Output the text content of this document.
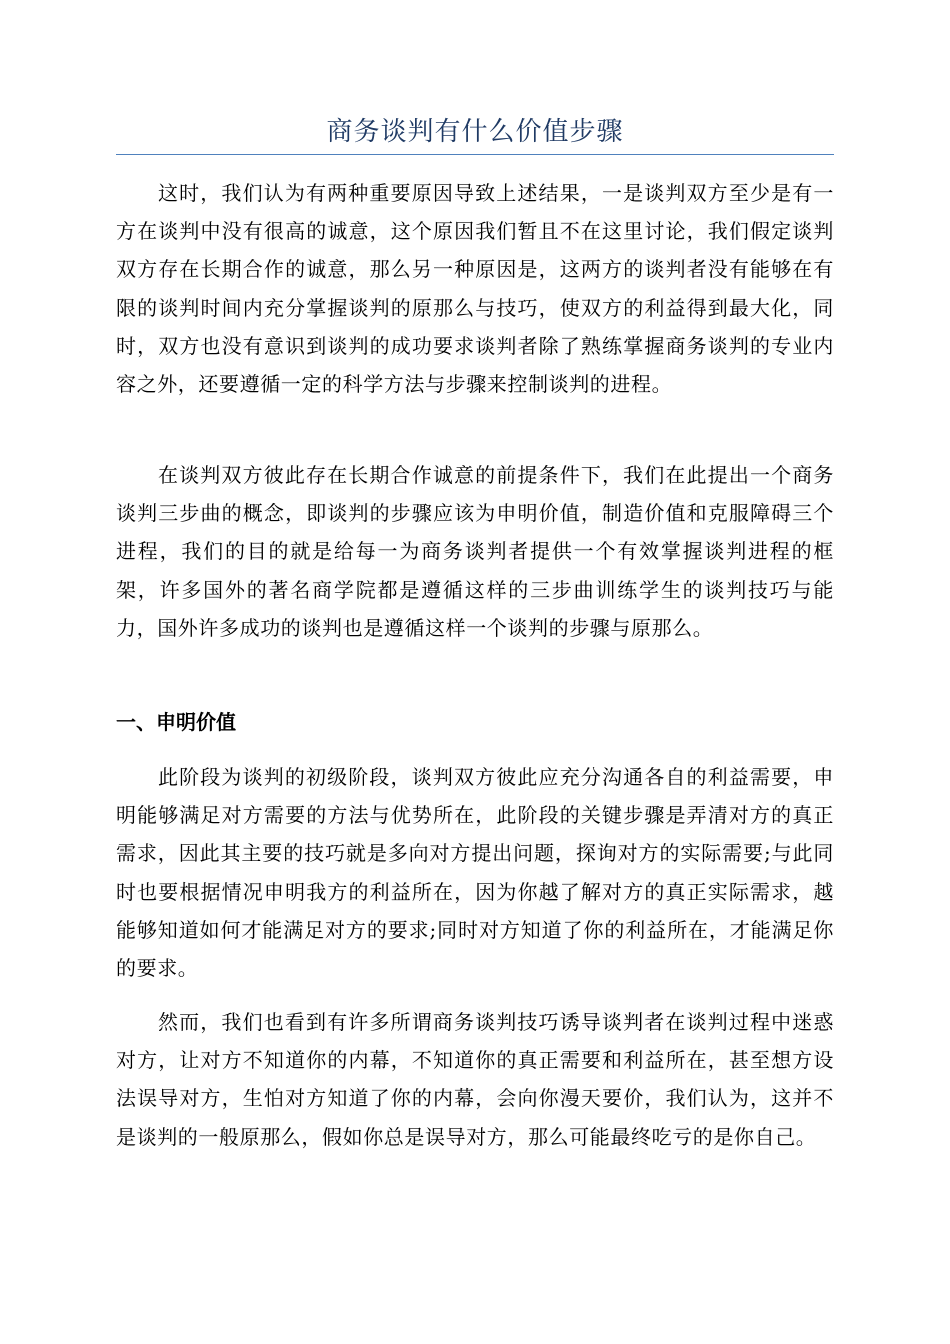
商务谈判有什么价值步骤

这时，我们认为有两种重要原因导致上述结果，一是谈判双方至少是有一方在谈判中没有很高的诚意，这个原因我们暂且不在这里讨论，我们假定谈判双方存在长期合作的诚意，那么另一种原因是，这两方的谈判者没有能够在有限的谈判时间内充分掌握谈判的原那么与技巧，使双方的利益得到最大化，同时，双方也没有意识到谈判的成功要求谈判者除了熟练掌握商务谈判的专业内容之外，还要遵循一定的科学方法与步骤来控制谈判的进程。

在谈判双方彼此存在长期合作诚意的前提条件下，我们在此提出一个商务谈判三步曲的概念，即谈判的步骤应该为申明价值，制造价值和克服障碍三个进程，我们的目的就是给每一为商务谈判者提供一个有效掌握谈判进程的框架，许多国外的著名商学院都是遵循这样的三步曲训练学生的谈判技巧与能力，国外许多成功的谈判也是遵循这样一个谈判的步骤与原那么。

一、申明价值

此阶段为谈判的初级阶段，谈判双方彼此应充分沟通各自的利益需要，申明能够满足对方需要的方法与优势所在，此阶段的关键步骤是弄清对方的真正需求，因此其主要的技巧就是多向对方提出问题，探询对方的实际需要;与此同时也要根据情况申明我方的利益所在，因为你越了解对方的真正实际需求，越能够知道如何才能满足对方的要求;同时对方知道了你的利益所在，才能满足你的要求。

然而，我们也看到有许多所谓商务谈判技巧诱导谈判者在谈判过程中迷惑对方，让对方不知道你的内幕，不知道你的真正需要和利益所在，甚至想方设法误导对方，生怕对方知道了你的内幕，会向你漫天要价，我们认为，这并不是谈判的一般原那么，假如你总是误导对方，那么可能最终吃亏的是你自己。
